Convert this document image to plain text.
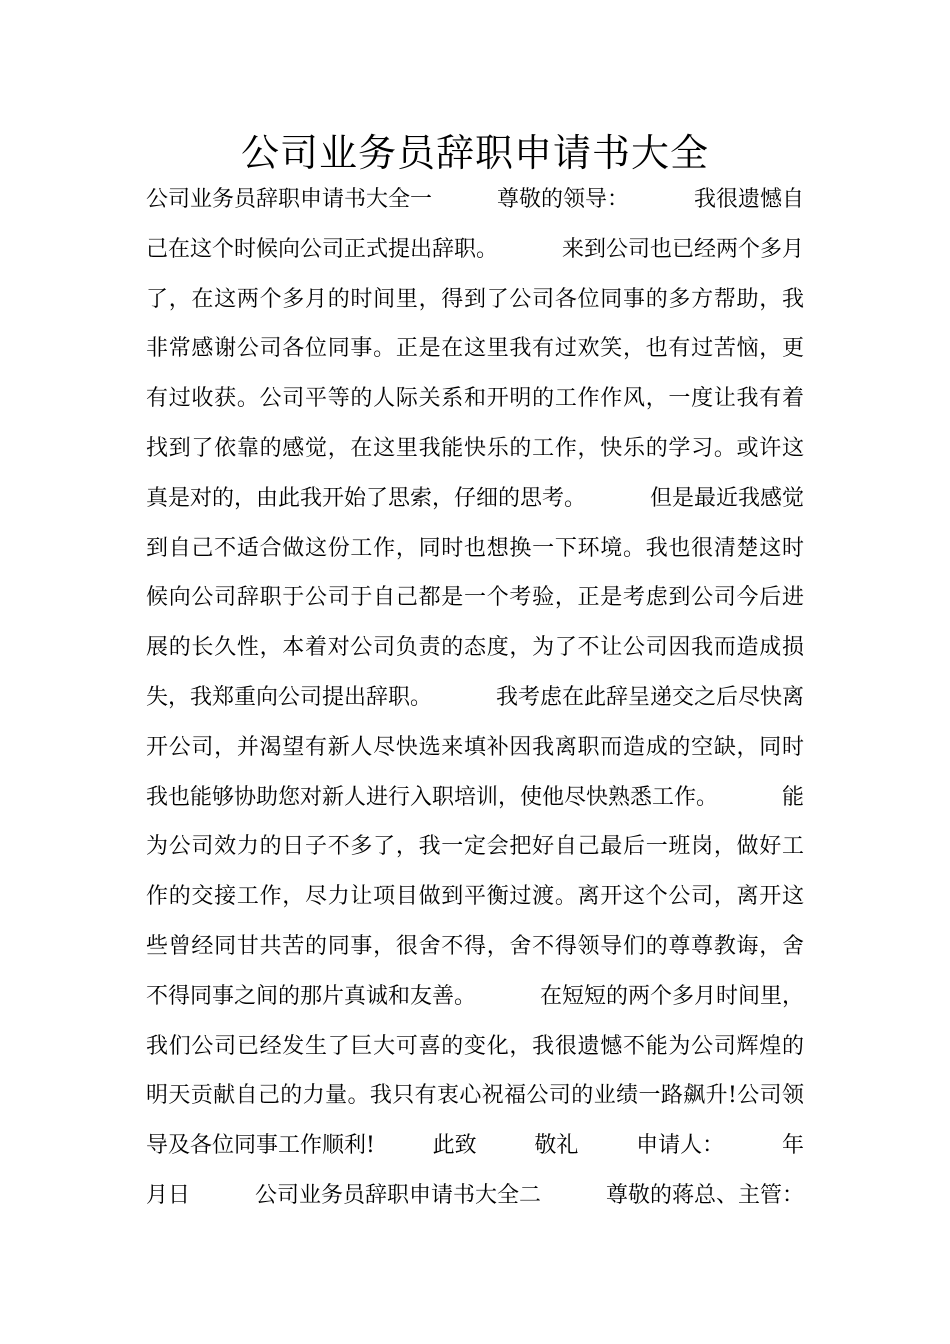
公司业务员辞职申请书大全
公司业务员辞职申请书大全一	尊敬的领导：	我很遗憾自
己在这个时候向公司正式提出辞职。	来到公司也已经两个多月
了，在这两个多月的时间里，得到了公司各位同事的多方帮助，我
非常感谢公司各位同事。正是在这里我有过欢笑，也有过苦恼，更
有过收获。公司平等的人际关系和开明的工作作风，一度让我有着
找到了依靠的感觉，在这里我能快乐的工作，快乐的学习。或许这
真是对的，由此我开始了思索，仔细的思考。	但是最近我感觉
到自己不适合做这份工作，同时也想换一下环境。我也很清楚这时
候向公司辞职于公司于自己都是一个考验，正是考虑到公司今后进
展的长久性，本着对公司负责的态度，为了不让公司因我而造成损
失，我郑重向公司提出辞职。	我考虑在此辞呈递交之后尽快离
开公司，并渴望有新人尽快选来填补因我离职而造成的空缺，同时
我也能够协助您对新人进行入职培训，使他尽快熟悉工作。	能
为公司效力的日子不多了，我一定会把好自己最后一班岗，做好工
作的交接工作，尽力让项目做到平衡过渡。离开这个公司，离开这
些曾经同甘共苦的同事，很舍不得，舍不得领导们的尊尊教诲，舍
不得同事之间的那片真诚和友善。	在短短的两个多月时间里，
我们公司已经发生了巨大可喜的变化，我很遗憾不能为公司辉煌的
明天贡献自己的力量。我只有衷心祝福公司的业绩一路飙升!公司领
导及各位同事工作顺利!	此致	敬礼	申请人：	年
月日	公司业务员辞职申请书大全二	尊敬的蒋总、主管：
